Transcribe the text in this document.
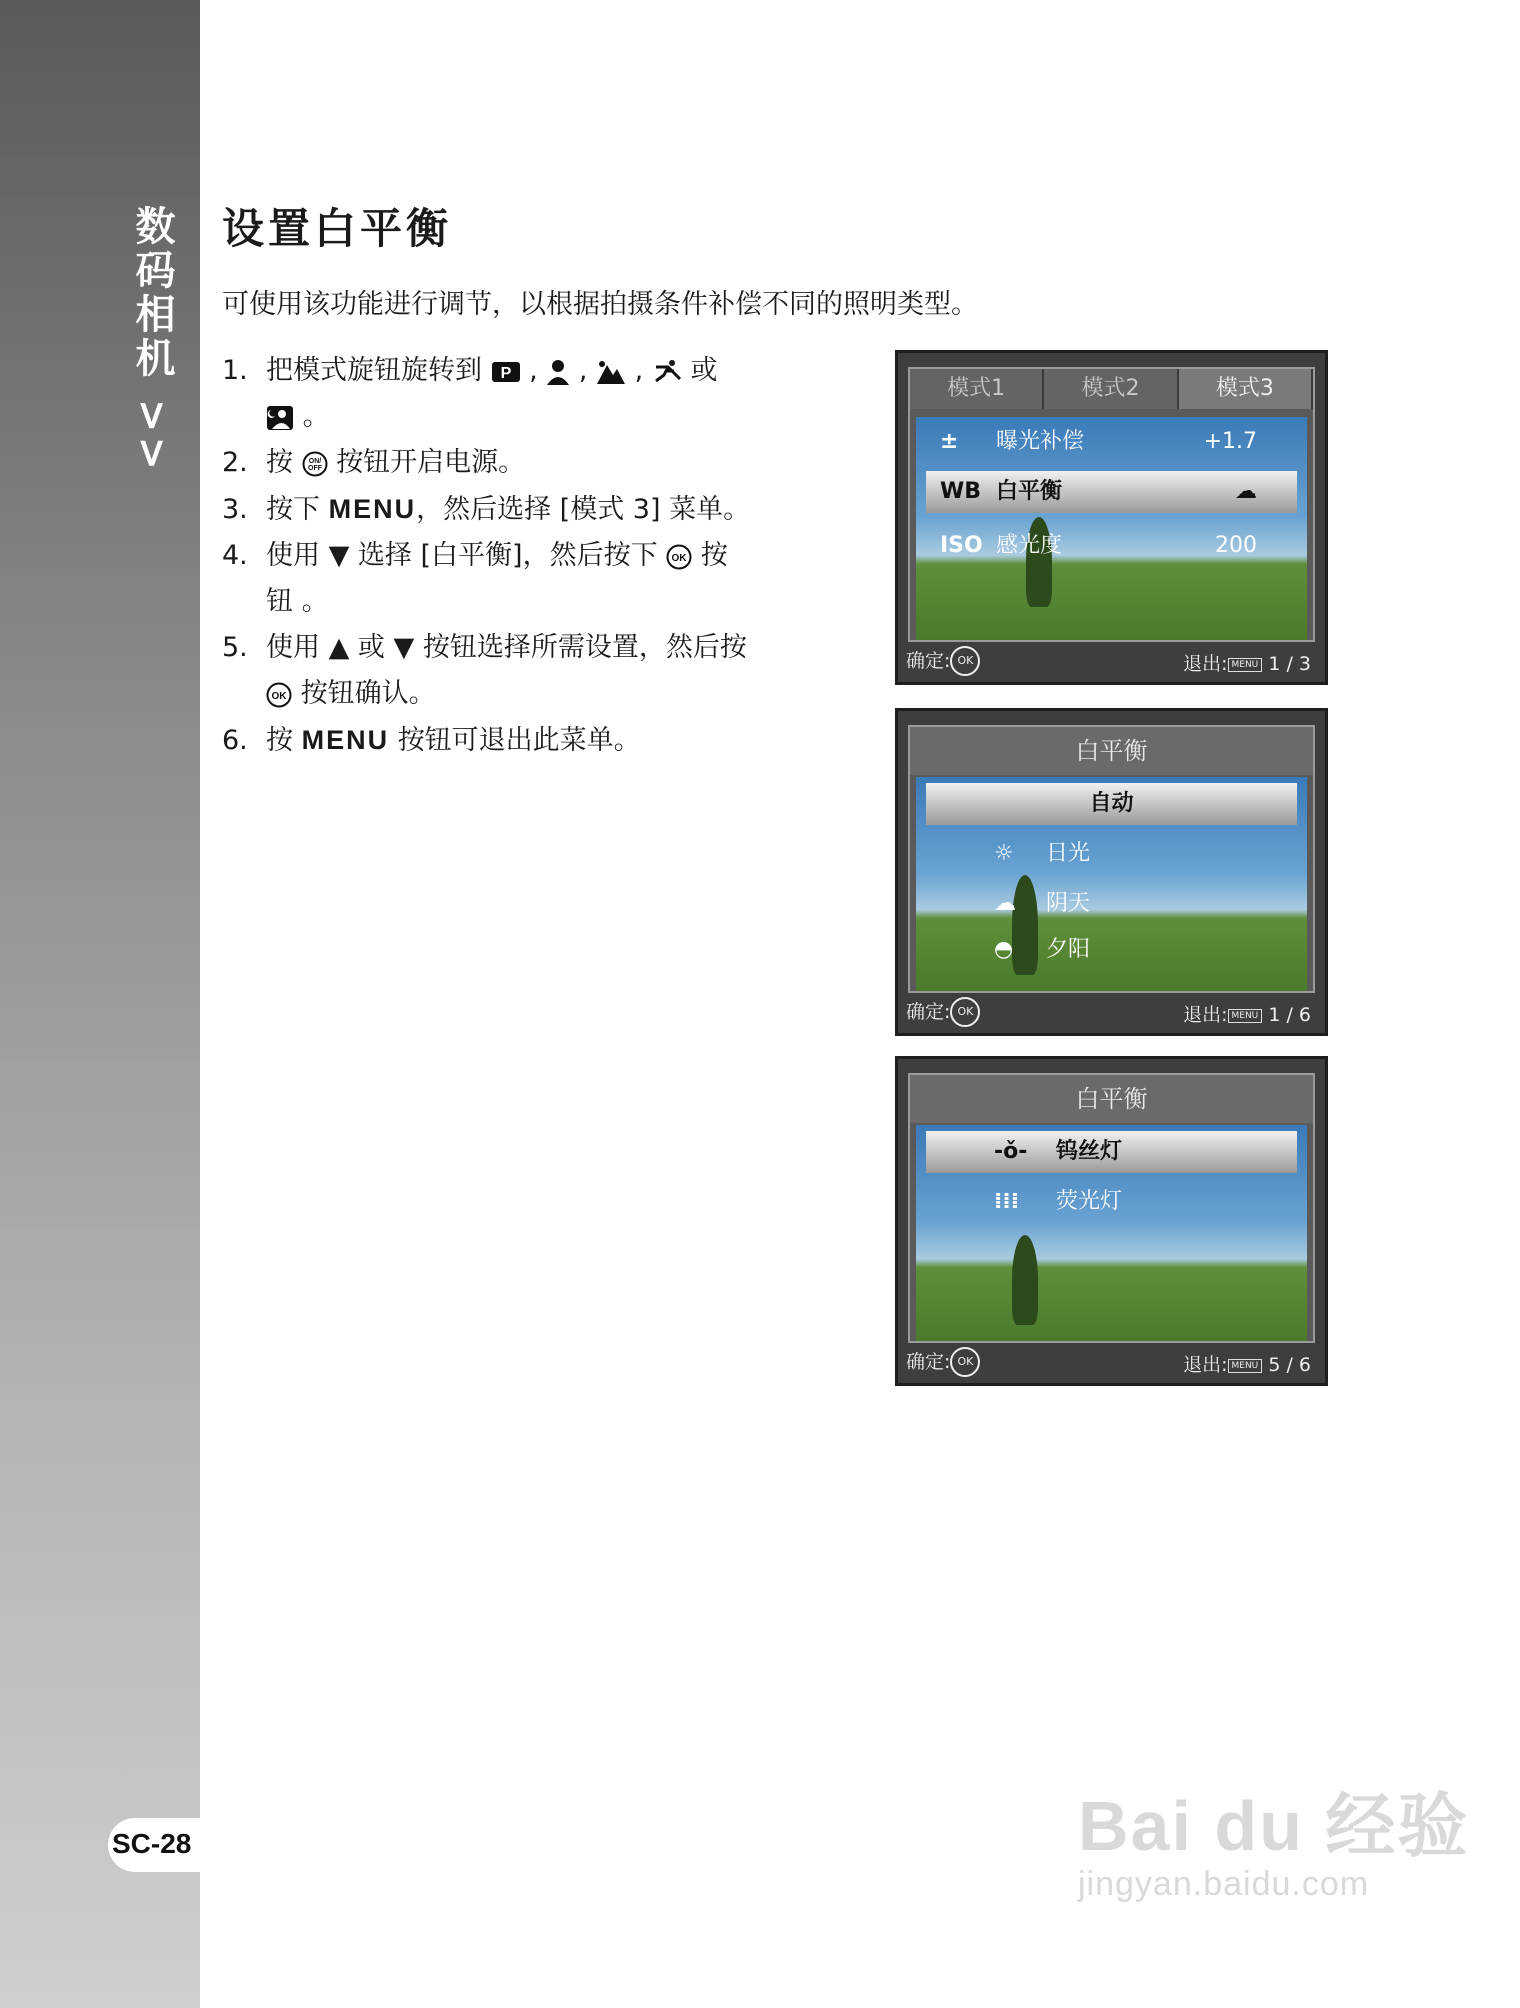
数码相机 >>
SC-28
设置白平衡

可使用该功能进行调节，以根据拍摄条件补偿不同的照明类型。

1. 把模式旋钮旋转到 P ,  ,  ,  或
。
2. 按 ON/
OFF 按钮开启电源。
3. 按下 MENU，然后选择 [模式 3] 菜单。
4. 使用 ▼ 选择 [白平衡]，然后按下 OK 按
钮 。
5. 使用 ▲ 或 ▼ 按钮选择所需设置，然后按

OK 按钮确认。
6. 按 MENU 按钮可退出此菜单。
模式1	模式2	模式3
± 曝光补偿	+1.7
WB 白平衡	☁
ISO 感光度	200
确定: OK	退出: MENU 1 / 3
白平衡
自动
☼ 日光
☁ 阴天
◓ 夕阳
确定: OK	退出: MENU 1 / 6
白平衡
-ǒ- 钨丝灯
⁞⁞⁞ 荧光灯
确定: OK	退出: MENU 5 / 6
Bai du 经验
jingyan.baidu.com
